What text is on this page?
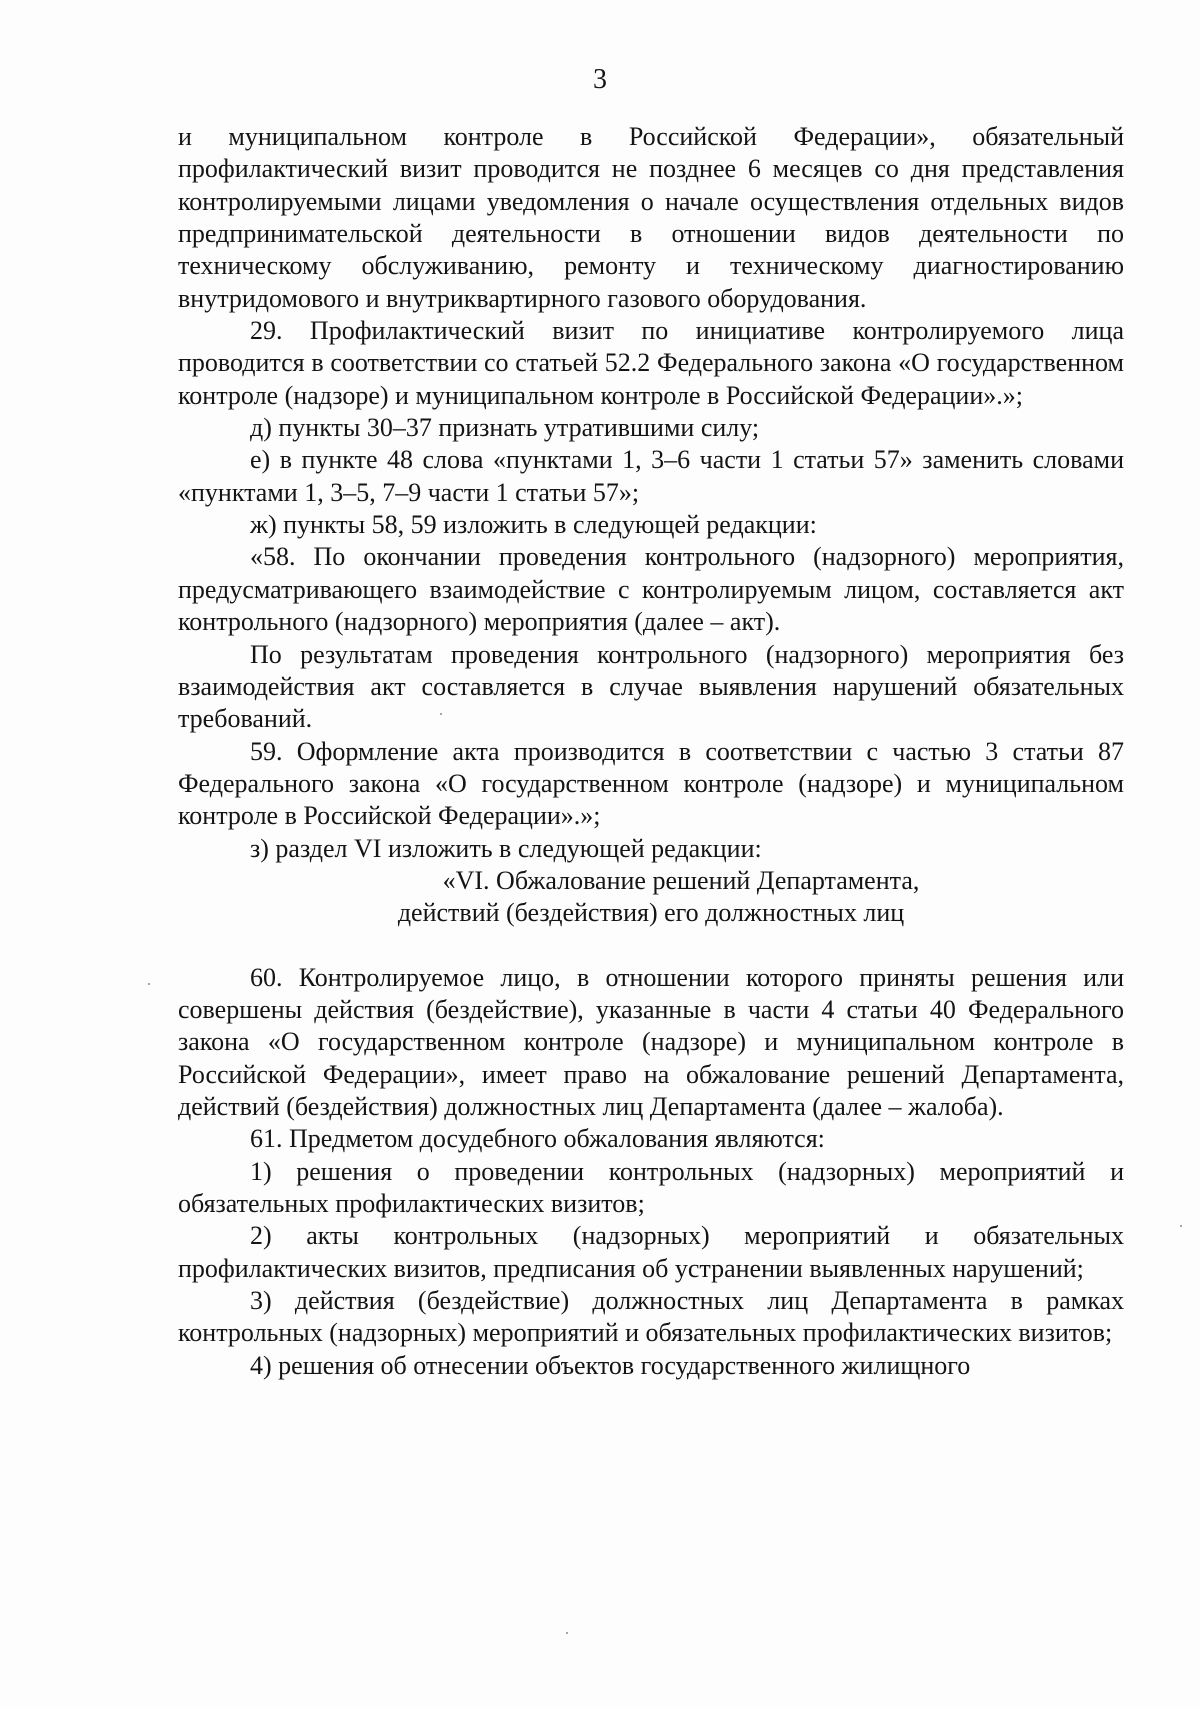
3

и муниципальном контроле в Российской Федерации», обязательный профилактический визит проводится не позднее 6 месяцев со дня представления контролируемыми лицами уведомления о начале осуществления отдельных видов предпринимательской деятельности в отношении видов деятельности по техническому обслуживанию, ремонту и техническому диагностированию внутридомового и внутриквартирного газового оборудования.

29. Профилактический визит по инициативе контролируемого лица проводится в соответствии со статьей 52.2 Федерального закона «О государственном контроле (надзоре) и муниципальном контроле в Российской Федерации».»;

д) пункты 30–37 признать утратившими силу;

е) в пункте 48 слова «пунктами 1, 3–6 части 1 статьи 57» заменить словами «пунктами 1, 3–5, 7–9 части 1 статьи 57»;

ж) пункты 58, 59 изложить в следующей редакции:

«58. По окончании проведения контрольного (надзорного) мероприятия, предусматривающего взаимодействие с контролируемым лицом, составляется акт контрольного (надзорного) мероприятия (далее – акт).

По результатам проведения контрольного (надзорного) мероприятия без взаимодействия акт составляется в случае выявления нарушений обязательных требований.

59. Оформление акта производится в соответствии с частью 3 статьи 87 Федерального закона «О государственном контроле (надзоре) и муниципальном контроле в Российской Федерации».»;

з) раздел VI изложить в следующей редакции:

«VI. Обжалование решений Департамента,

действий (бездействия) его должностных лиц

60. Контролируемое лицо, в отношении которого приняты решения или совершены действия (бездействие), указанные в части 4 статьи 40 Федерального закона «О государственном контроле (надзоре) и муниципальном контроле в Российской Федерации», имеет право на обжалование решений Департамента, действий (бездействия) должностных лиц Департамента (далее – жалоба).

61. Предметом досудебного обжалования являются:

1) решения о проведении контрольных (надзорных) мероприятий и обязательных профилактических визитов;

2) акты контрольных (надзорных) мероприятий и обязательных профилактических визитов, предписания об устранении выявленных нарушений;

3) действия (бездействие) должностных лиц Департамента в рамках контрольных (надзорных) мероприятий и обязательных профилактических визитов;

4) решения об отнесении объектов государственного жилищного
